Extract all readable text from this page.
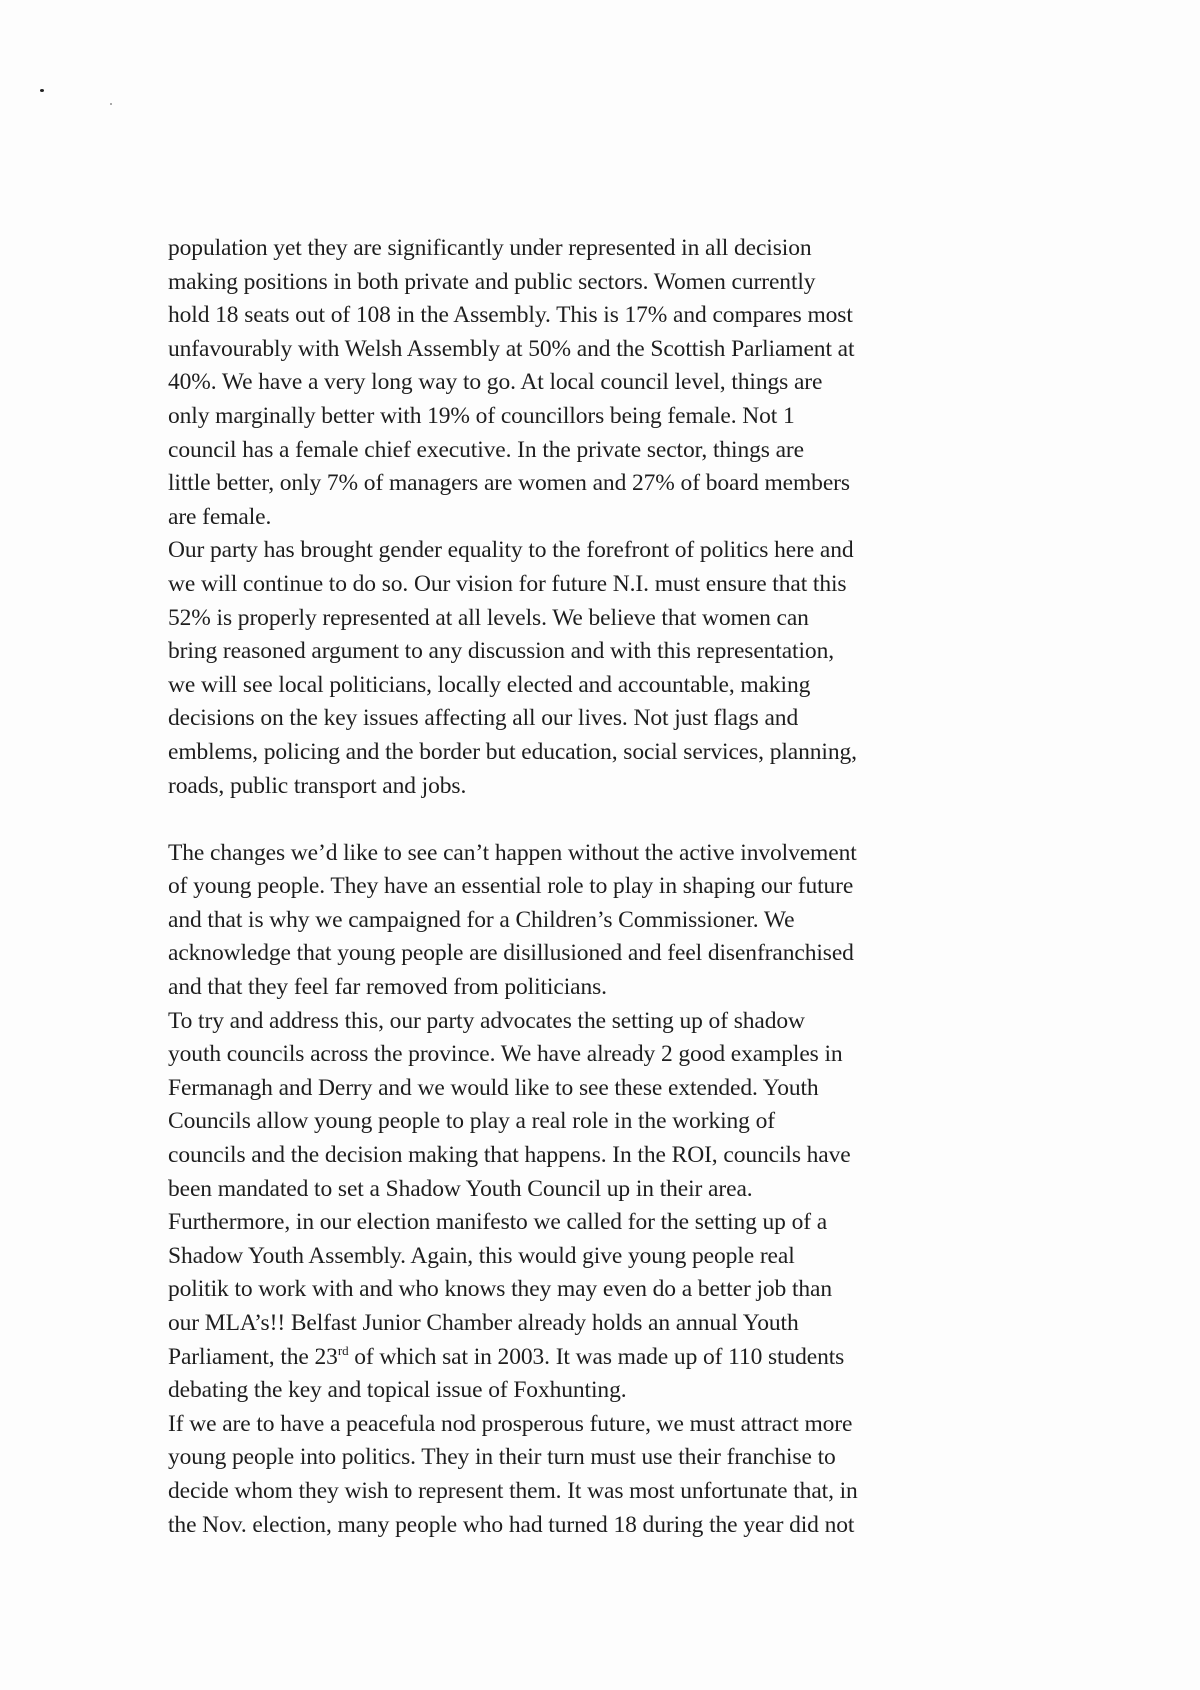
population yet they are significantly under represented in all decision
making positions in both private and public sectors. Women currently
hold 18 seats out of 108 in the Assembly. This is 17% and compares most
unfavourably with Welsh Assembly at 50% and the Scottish Parliament at
40%. We have a very long way to go. At local council level, things are
only marginally better with 19% of councillors being female. Not 1
council has a female chief executive. In the private sector, things are
little better, only 7% of managers are women and 27% of board members
are female.
Our party has brought gender equality to the forefront of politics here and
we will continue to do so. Our vision for future N.I. must ensure that this
52% is properly represented at all levels. We believe that women can
bring reasoned argument to any discussion and with this representation,
we will see local politicians, locally elected and accountable, making
decisions on the key issues affecting all our lives. Not just flags and
emblems, policing and the border but education, social services, planning,
roads, public transport and jobs.
The changes we’d like to see can’t happen without the active involvement
of young people. They have an essential role to play in shaping our future
and that is why we campaigned for a Children’s Commissioner. We
acknowledge that young people are disillusioned and feel disenfranchised
and that they feel far removed from politicians.
To try and address this, our party advocates the setting up of shadow
youth councils across the province. We have already 2 good examples in
Fermanagh and Derry and we would like to see these extended. Youth
Councils allow young people to play a real role in the working of
councils and the decision making that happens. In the ROI, councils have
been mandated to set a Shadow Youth Council up in their area.
Furthermore, in our election manifesto we called for the setting up of a
Shadow Youth Assembly. Again, this would give young people real
politik to work with and who knows they may even do a better job than
our MLA’s!! Belfast Junior Chamber already holds an annual Youth
Parliament, the 23rd of which sat in 2003. It was made up of 110 students
debating the key and topical issue of Foxhunting.
If we are to have a peacefula nod prosperous future, we must attract more
young people into politics. They in their turn must use their franchise to
decide whom they wish to represent them. It was most unfortunate that, in
the Nov. election, many people who had turned 18 during the year did not
